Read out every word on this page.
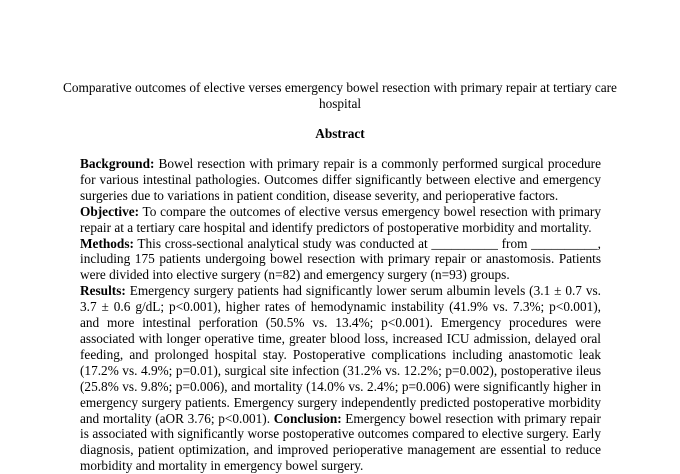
Comparative outcomes of elective verses emergency bowel resection with primary repair at tertiary care hospital
Abstract

Background: Bowel resection with primary repair is a commonly performed surgical procedure for various intestinal pathologies. Outcomes differ significantly between elective and emergency surgeries due to variations in patient condition, disease severity, and perioperative factors.

Objective: To compare the outcomes of elective versus emergency bowel resection with primary repair at a tertiary care hospital and identify predictors of postoperative morbidity and mortality.

Methods: This cross-sectional analytical study was conducted at __________ from __________, including 175 patients undergoing bowel resection with primary repair or anastomosis. Patients were divided into elective surgery (n=82) and emergency surgery (n=93) groups.

Results: Emergency surgery patients had significantly lower serum albumin levels (3.1 ± 0.7 vs. 3.7 ± 0.6 g/dL; p<0.001), higher rates of hemodynamic instability (41.9% vs. 7.3%; p<0.001), and more intestinal perforation (50.5% vs. 13.4%; p<0.001). Emergency procedures were associated with longer operative time, greater blood loss, increased ICU admission, delayed oral feeding, and prolonged hospital stay. Postoperative complications including anastomotic leak (17.2% vs. 4.9%; p=0.01), surgical site infection (31.2% vs. 12.2%; p=0.002), postoperative ileus (25.8% vs. 9.8%; p=0.006), and mortality (14.0% vs. 2.4%; p=0.006) were significantly higher in emergency surgery patients. Emergency surgery independently predicted postoperative morbidity and mortality (aOR 3.76; p<0.001). Conclusion: Emergency bowel resection with primary repair is associated with significantly worse postoperative outcomes compared to elective surgery. Early diagnosis, patient optimization, and improved perioperative management are essential to reduce morbidity and mortality in emergency bowel surgery.
